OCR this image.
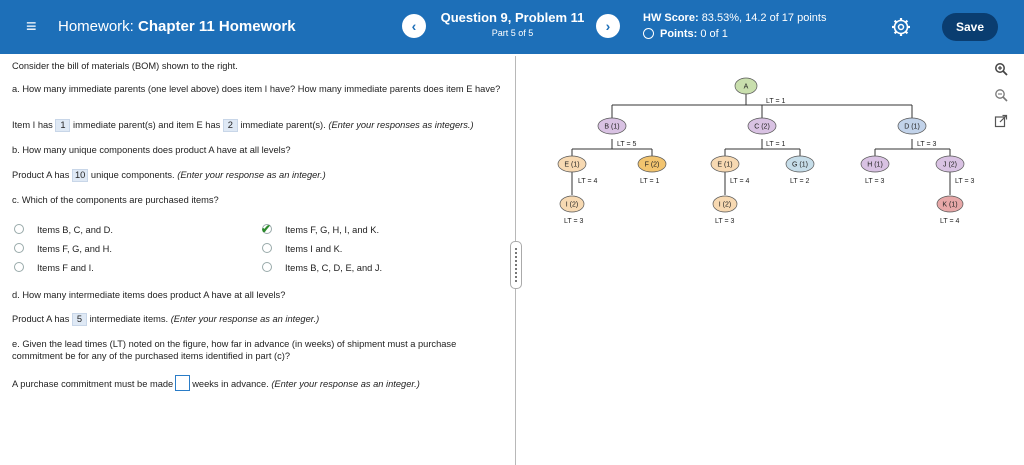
≡ Homework: Chapter 11 Homework	‹
Question 9, Problem 11
Part 5 of 5	›	HW Score: 83.53%, 14.2 of 17 points
Points: 0 of 1	Save

Consider the bill of materials (BOM) shown to the right.

a. How many immediate parents (one level above) does item I have? How many immediate parents does item E have?

Item I has 1 immediate parent(s) and item E has 2 immediate parent(s). (Enter your responses as integers.)

b. How many unique components does product A have at all levels?

Product A has 10 unique components. (Enter your response as an integer.)

c. Which of the components are purchased items?

Items B, C, and D.	Items F, G, H, I, and K.
Items F, G, and H.	Items I and K.
Items F and I.	Items B, C, D, E, and J.

d. How many intermediate items does product A have at all levels?

Product A has 5 intermediate items. (Enter your response as an integer.)

e. Given the lead times (LT) noted on the figure, how far in advance (in weeks) of shipment must a purchase commitment be for any of the purchased items identified in part (c)?

A purchase commitment must be made weeks in advance. (Enter your response as an integer.)

✔
A
LT = 1
B (1)
LT = 5
C (2)
LT = 1
D (1)
LT = 3
E (1)
LT = 4
F (2)
LT = 1
E (1)
LT = 4
G (1)
LT = 2
H (1)
LT = 3
J (2)
LT = 3
I (2)
LT = 3
I (2)
LT = 3
K (1)
LT = 4
